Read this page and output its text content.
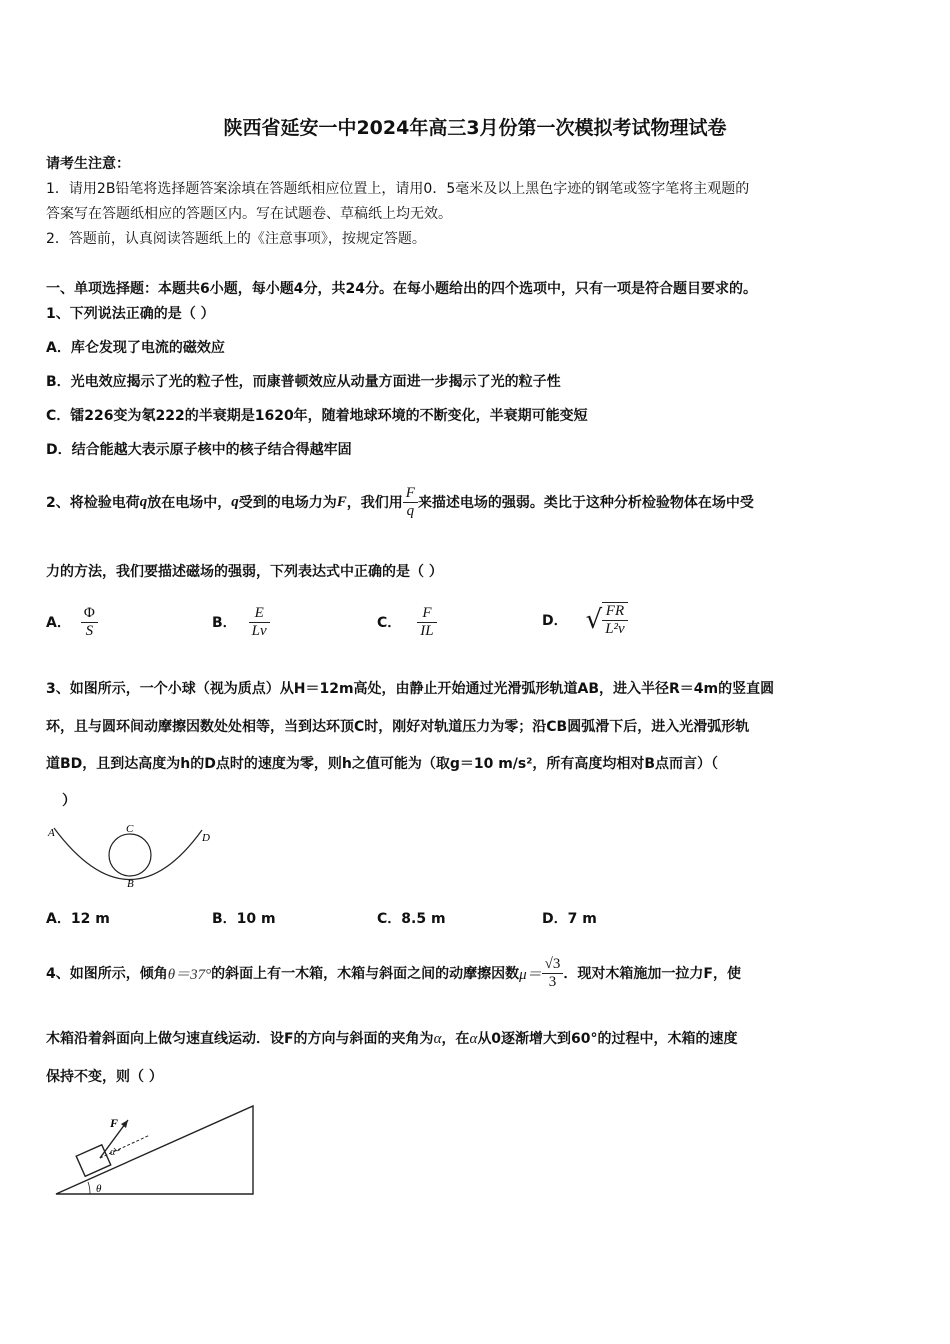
陕西省延安一中2024年高三3月份第一次模拟考试物理试卷
请考生注意：
1．请用2B铅笔将选择题答案涂填在答题纸相应位置上，请用0．5毫米及以上黑色字迹的钢笔或签字笔将主观题的
答案写在答题纸相应的答题区内。写在试题卷、草稿纸上均无效。
2．答题前，认真阅读答题纸上的《注意事项》，按规定答题。
一、单项选择题：本题共6小题，每小题4分，共24分。在每小题给出的四个选项中，只有一项是符合题目要求的。
1、下列说法正确的是（ ）
A．库仑发现了电流的磁效应
B．光电效应揭示了光的粒子性，而康普顿效应从动量方面进一步揭示了光的粒子性
C．镭226变为氡222的半衰期是1620年，随着地球环境的不断变化，半衰期可能变短
D．结合能越大表示原子核中的核子结合得越牢固
2、将检验电荷 q 放在电场中， q 受到的电场力为 F ，我们用 $\frac{F}{q}$ 来描述电场的强弱。类比于这种分析检验物体在场中受
力的方法，我们要描述磁场的强弱，下列表达式中正确的是（ ）
A． $\frac{\Phi}{S}$	B． $\frac{E}{Lv}$	C． $\frac{F}{IL}$	D． √ $\frac{FR}{\text{L²v}}$
3、如图所示，一个小球（视为质点）从H＝12m高处，由静止开始通过光滑弧形轨道AB，进入半径R＝4m的竖直圆
环，且与圆环间动摩擦因数处处相等，当到达环顶C时，刚好对轨道压力为零；沿CB圆弧滑下后，进入光滑弧形轨
道BD，且到达高度为h的D点时的速度为零，则h之值可能为（取g＝10 m/s²，所有高度均相对B点而言）（
）
A	C
D
B
A．12 m	B．10 m	C．8.5 m	D．7 m
4、如图所示，倾角 θ＝37° 的斜面上有一木箱，木箱与斜面之间的动摩擦因数 $\mu= \frac{√3}{3}$ ．现对木箱施加一拉力F，使
木箱沿着斜面向上做匀速直线运动．设F的方向与斜面的夹角为α，在α从0逐渐增大到60°的过程中，木箱的速度
保持不变，则（ ）
F
α
θ
